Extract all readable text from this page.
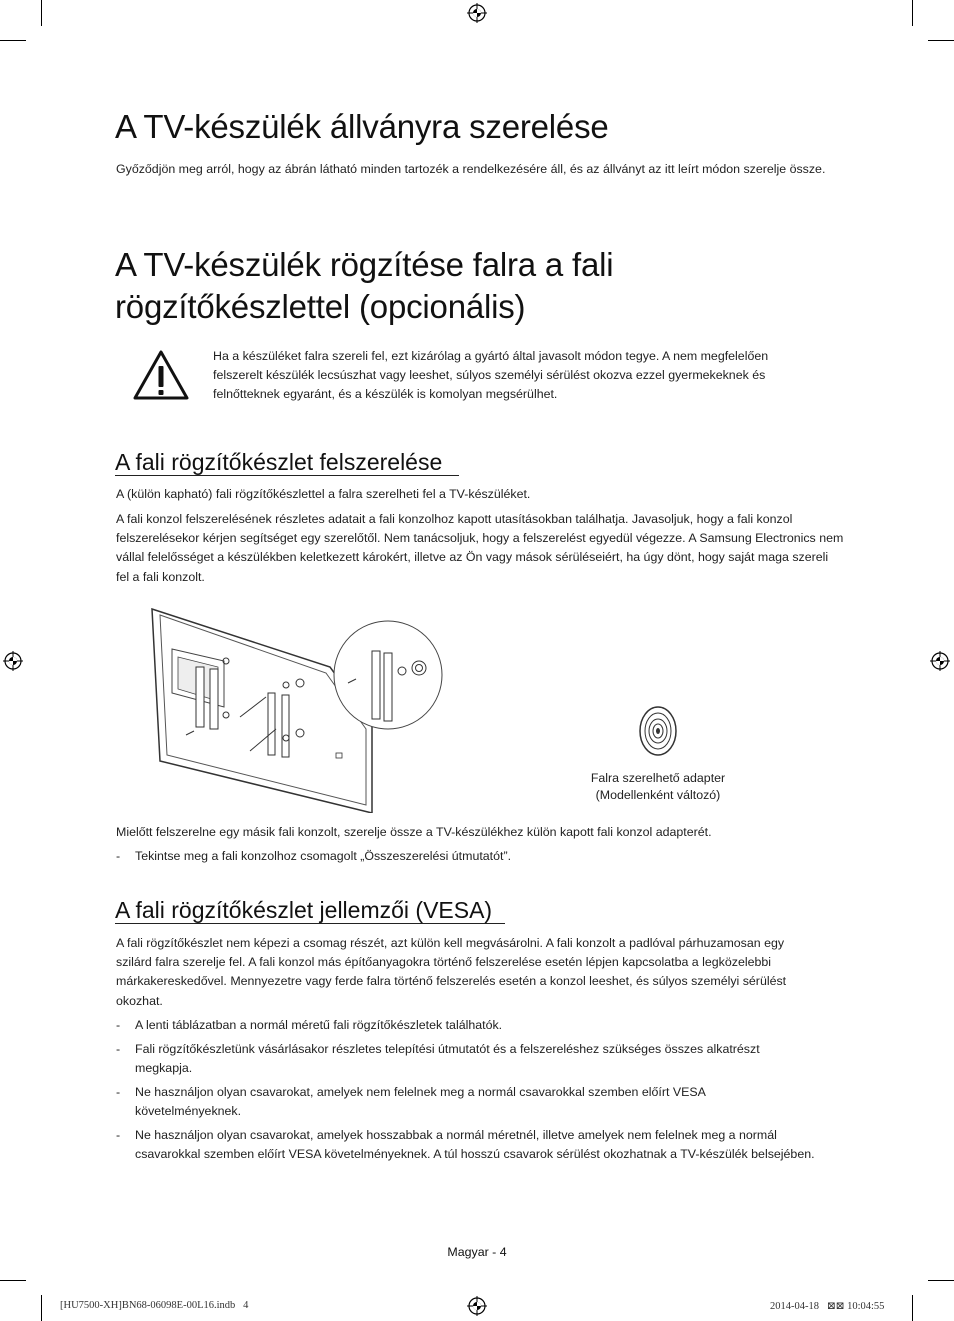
A TV-készülék állványra szerelése

Győződjön meg arról, hogy az ábrán látható minden tartozék a rendelkezésére áll, és az állványt az itt leírt módon szerelje össze.

A TV-készülék rögzítése falra a fali
rögzítőkészlettel (opcionális)

Ha a készüléket falra szereli fel, ezt kizárólag a gyártó által javasolt módon tegye. A nem megfelelően felszerelt készülék lecsúszhat vagy leeshet, súlyos személyi sérülést okozva ezzel gyermekeknek és felnőtteknek egyaránt, és a készülék is komolyan megsérülhet.

A fali rögzítőkészlet felszerelése

A (külön kapható) fali rögzítőkészlettel a falra szerelheti fel a TV-készüléket.

A fali konzol felszerelésének részletes adatait a fali konzolhoz kapott utasításokban találhatja. Javasoljuk, hogy a fali konzol felszerelésekor kérjen segítséget egy szerelőtől. Nem tanácsoljuk, hogy a felszerelést egyedül végezze. A Samsung Electronics nem vállal felelősséget a készülékben keletkezett károkért, illetve az Ön vagy mások sérüléseiért, ha úgy dönt, hogy saját maga szereli fel a fali konzolt.

Falra szerelhető adapter
(Modellenként változó)

Mielőtt felszerelne egy másik fali konzolt, szerelje össze a TV-készülékhez külön kapott fali konzol adapterét.

- Tekintse meg a fali konzolhoz csomagolt „Összeszerelési útmutatót”.
A fali rögzítőkészlet jellemzői (VESA)

A fali rögzítőkészlet nem képezi a csomag részét, azt külön kell megvásárolni. A fali konzolt a padlóval párhuzamosan egy szilárd falra szerelje fel. A fali konzol más építőanyagokra történő felszerelése esetén lépjen kapcsolatba a legközelebbi márkakereskedővel. Mennyezetre vagy ferde falra történő felszerelés esetén a konzol leeshet, és súlyos személyi sérülést okozhat.

- A lenti táblázatban a normál méretű fali rögzítőkészletek találhatók.
- Fali rögzítőkészletünk vásárlásakor részletes telepítési útmutatót és a felszereléshez szükséges összes alkatrészt megkapja.
- Ne használjon olyan csavarokat, amelyek nem felelnek meg a normál csavarokkal szemben előírt VESA követelményeknek.
- Ne használjon olyan csavarokat, amelyek hosszabbak a normál méretnél, illetve amelyek nem felelnek meg a normál csavarokkal szemben előírt VESA követelményeknek. A túl hosszú csavarok sérülést okozhatnak a TV-készülék belsejében.
Magyar - 4
[HU7500-XH]BN68-06098E-00L16.indb   4	2014-04-18   ⊠⊠ 10:04:55
